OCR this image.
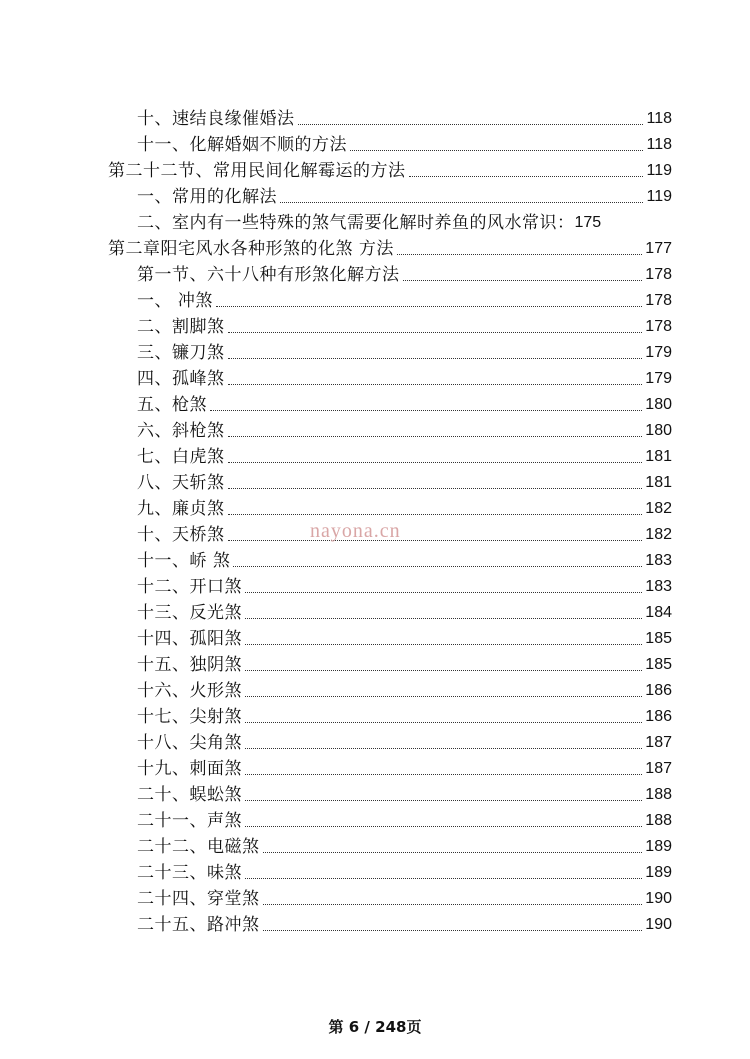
十、速结良缘催婚法	118
十一、化解婚姻不顺的方法	118
第二十二节、常用民间化解霉运的方法	119
一、常用的化解法	119
二、室内有一些特殊的煞气需要化解时养鱼的风水常识： 175
第二章阳宅风水各种形煞的化煞 方法	177
第一节、六十八种有形煞化解方法	178
一、 冲煞	178
二、割脚煞	178
三、镰刀煞	179
四、孤峰煞	179
五、枪煞	180
六、斜枪煞	180
七、白虎煞	181
八、天斩煞	181
九、廉贞煞	182
十、天桥煞	182
十一、峤 煞	183
十二、开口煞	183
十三、反光煞	184
十四、孤阳煞	185
十五、独阴煞	185
十六、火形煞	186
十七、尖射煞	186
十八、尖角煞	187
十九、刺面煞	187
二十、蜈蚣煞	188
二十一、声煞	188
二十二、电磁煞	189
二十三、味煞	189
二十四、穿堂煞	190
二十五、路冲煞	190
nayona.cn
第 6 / 248页
